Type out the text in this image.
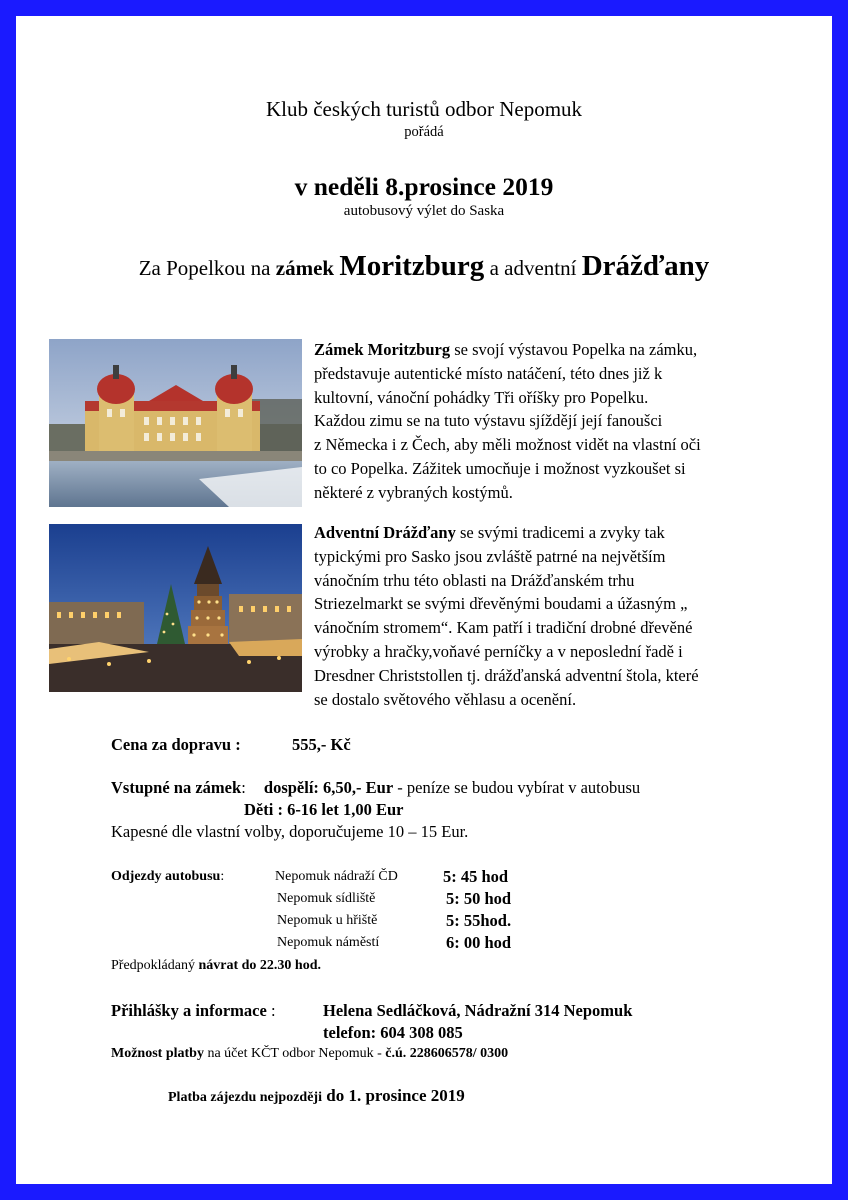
Klub českých turistů odbor Nepomuk
pořádá
v neděli 8.prosince 2019
autobusový výlet do Saska
Za Popelkou na zámek Moritzburg a adventní Drážďany
Zámek Moritzburg se svojí výstavou Popelka na zámku,
představuje autentické místo natáčení, této dnes již k
kultovní, vánoční pohádky Tři oříšky pro Popelku.
Každou zimu se na tuto výstavu sjíždějí její fanoušci
z Německa i z Čech, aby měli možnost vidět na vlastní oči
to co Popelka. Zážitek umocňuje i možnost vyzkoušet si
některé z vybraných kostýmů.
Adventní Drážďany se svými tradicemi a zvyky tak
typickými pro Sasko jsou zvláště patrné na největším
vánočním trhu této oblasti na Drážďanském trhu
Striezelmarkt se svými dřevěnými boudami a úžasným „
vánočním stromem“. Kam patří i tradiční drobné dřevěné
výrobky a hračky,voňavé perníčky a v neposlední řadě i
Dresdner Christstollen tj. drážďanská adventní štola, které
se dostalo světového věhlasu a ocenění.
Cena za dopravu :	555,- Kč
Vstupné na zámek: dospělí: 6,50,- Eur - peníze se budou vybírat v autobusu
Děti : 6-16 let 1,00 Eur
Kapesné dle vlastní volby, doporučujeme 10 – 15 Eur.
Odjezdy autobusu:	Nepomuk nádraží ČD	5: 45 hod
Nepomuk sídliště	5: 50 hod
Nepomuk u hřiště	5: 55hod.
Nepomuk náměstí	6: 00 hod
Předpokládaný návrat do 22.30 hod.
Přihlášky a informace :	Helena Sedláčková, Nádražní 314 Nepomuk
telefon: 604 308 085
Možnost platby na účet KČT odbor Nepomuk - č.ú. 228606578/ 0300
Platba zájezdu nejpozději do 1. prosince 2019
